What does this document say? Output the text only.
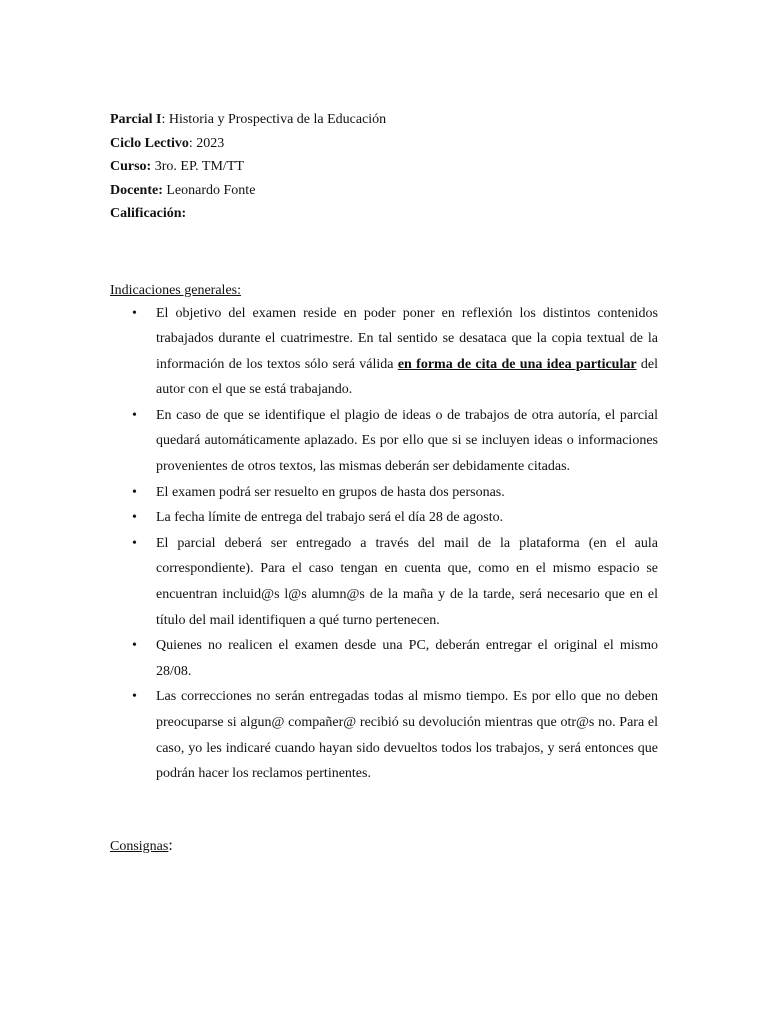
Parcial I: Historia y Prospectiva de la Educación
Ciclo Lectivo: 2023
Curso: 3ro. EP. TM/TT
Docente: Leonardo Fonte
Calificación:
Indicaciones generales:
• El objetivo del examen reside en poder poner en reflexión los distintos contenidos trabajados durante el cuatrimestre. En tal sentido se desataca que la copia textual de la información de los textos sólo será válida en forma de cita de una idea particular del autor con el que se está trabajando.
• En caso de que se identifique el plagio de ideas o de trabajos de otra autoría, el parcial quedará automáticamente aplazado. Es por ello que si se incluyen ideas o informaciones provenientes de otros textos, las mismas deberán ser debidamente citadas.
• El examen podrá ser resuelto en grupos de hasta dos personas.
• La fecha límite de entrega del trabajo será el día 28 de agosto.
• El parcial deberá ser entregado a través del mail de la plataforma (en el aula correspondiente). Para el caso tengan en cuenta que, como en el mismo espacio se encuentran incluid@s l@s alumn@s de la maña y de la tarde, será necesario que en el título del mail identifiquen a qué turno pertenecen.
• Quienes no realicen el examen desde una PC, deberán entregar el original el mismo 28/08.
• Las correcciones no serán entregadas todas al mismo tiempo. Es por ello que no deben preocuparse si algun@ compañer@ recibió su devolución mientras que otr@s no. Para el caso, yo les indicaré cuando hayan sido devueltos todos los trabajos, y será entonces que podrán hacer los reclamos pertinentes.
Consignas:
